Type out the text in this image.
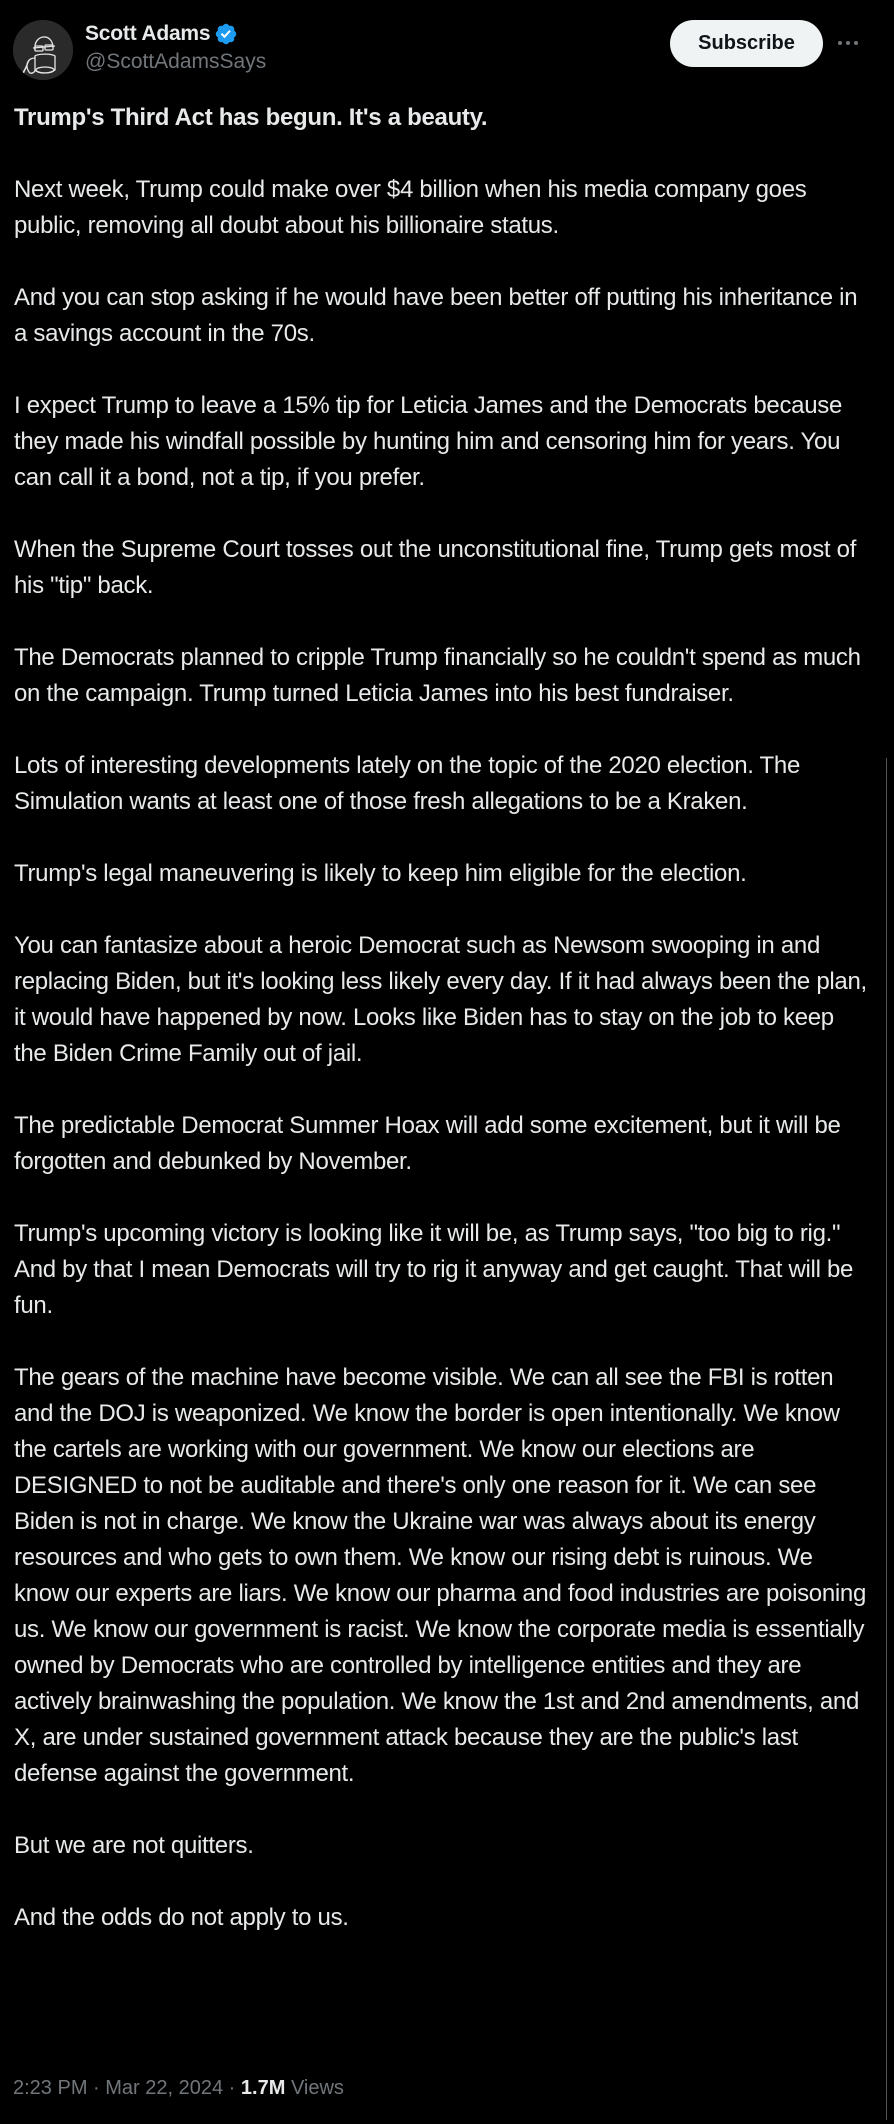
Scott Adams
@ScottAdamsSays
Subscribe

Trump's Third Act has begun. It's a beauty.

Next week, Trump could make over $4 billion when his media company goes public, removing all doubt about his billionaire status.

And you can stop asking if he would have been better off putting his inheritance in a savings account in the 70s.

I expect Trump to leave a 15% tip for Leticia James and the Democrats because they made his windfall possible by hunting him and censoring him for years. You can call it a bond, not a tip, if you prefer.

When the Supreme Court tosses out the unconstitutional fine, Trump gets most of his "tip" back.

The Democrats planned to cripple Trump financially so he couldn't spend as much on the campaign. Trump turned Leticia James into his best fundraiser.

Lots of interesting developments lately on the topic of the 2020 election. The Simulation wants at least one of those fresh allegations to be a Kraken.

Trump's legal maneuvering is likely to keep him eligible for the election.

You can fantasize about a heroic Democrat such as Newsom swooping in and replacing Biden, but it's looking less likely every day. If it had always been the plan, it would have happened by now. Looks like Biden has to stay on the job to keep the Biden Crime Family out of jail.

The predictable Democrat Summer Hoax will add some excitement, but it will be forgotten and debunked by November.

Trump's upcoming victory is looking like it will be, as Trump says, "too big to rig." And by that I mean Democrats will try to rig it anyway and get caught. That will be fun.

The gears of the machine have become visible. We can all see the FBI is rotten and the DOJ is weaponized. We know the border is open intentionally. We know the cartels are working with our government. We know our elections are DESIGNED to not be auditable and there's only one reason for it. We can see Biden is not in charge. We know the Ukraine war was always about its energy resources and who gets to own them. We know our rising debt is ruinous. We know our experts are liars. We know our pharma and food industries are poisoning us. We know our government is racist. We know the corporate media is essentially owned by Democrats who are controlled by intelligence entities and they are actively brainwashing the population. We know the 1st and 2nd amendments, and X, are under sustained government attack because they are the public's last defense against the government.

But we are not quitters.

And the odds do not apply to us.

2:23 PM · Mar 22, 2024 · 1.7M Views
